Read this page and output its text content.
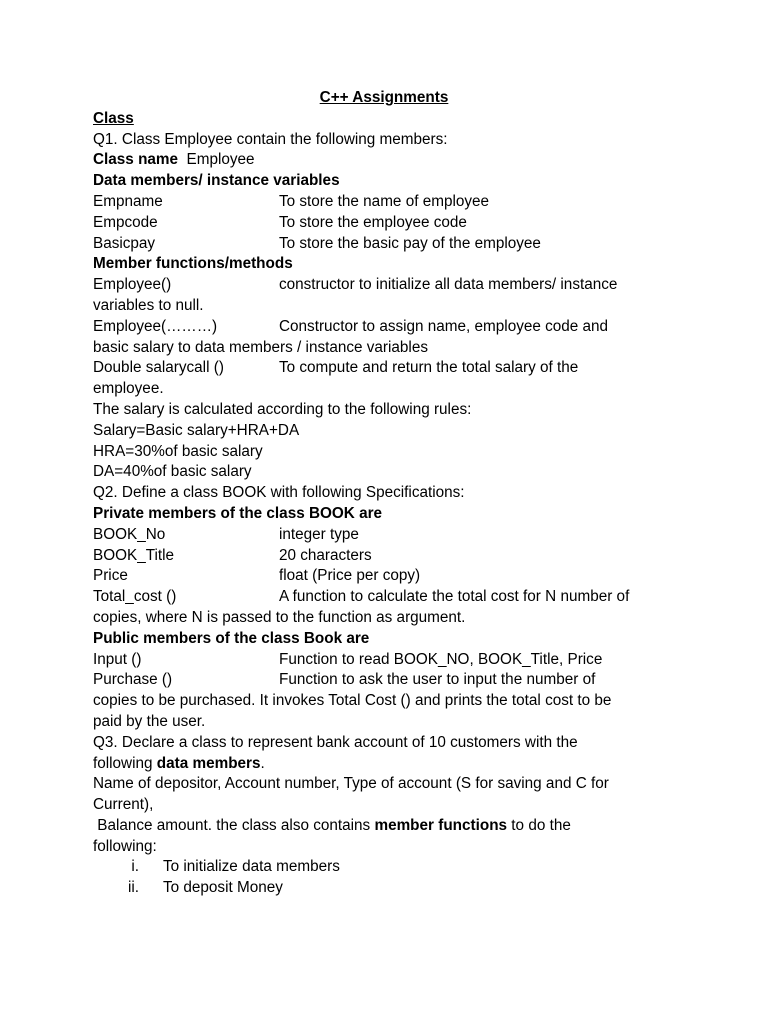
C++ Assignments
Class
Q1. Class Employee contain the following members:
Class name Employee
Data members/ instance variables
Empname	To store the name of employee
Empcode	To store the employee code
Basicpay	To store the basic pay of the employee
Member functions/methods
Employee()	constructor to initialize all data members/ instance
variables to null.
Employee(………)	Constructor to assign name, employee code and
basic salary to data members / instance variables
Double salarycall ()	To compute and return the total salary of the
employee.
The salary is calculated according to the following rules:
Salary=Basic salary+HRA+DA
HRA=30%of basic salary
DA=40%of basic salary
Q2. Define a class BOOK with following Specifications:
Private members of the class BOOK are
BOOK_No	integer type
BOOK_Title	20 characters
Price	float (Price per copy)
Total_cost ()	A function to calculate the total cost for N number of
copies, where N is passed to the function as argument.
Public members of the class Book are
Input ()	Function to read BOOK_NO, BOOK_Title, Price
Purchase ()	Function to ask the user to input the number of
copies to be purchased. It invokes Total Cost () and prints the total cost to be
paid by the user.
Q3. Declare a class to represent bank account of 10 customers with the
following data members.
Name of depositor, Account number, Type of account (S for saving and C for
Current),
Balance amount. the class also contains member functions to do the
following:
i. To initialize data members
ii. To deposit Money
